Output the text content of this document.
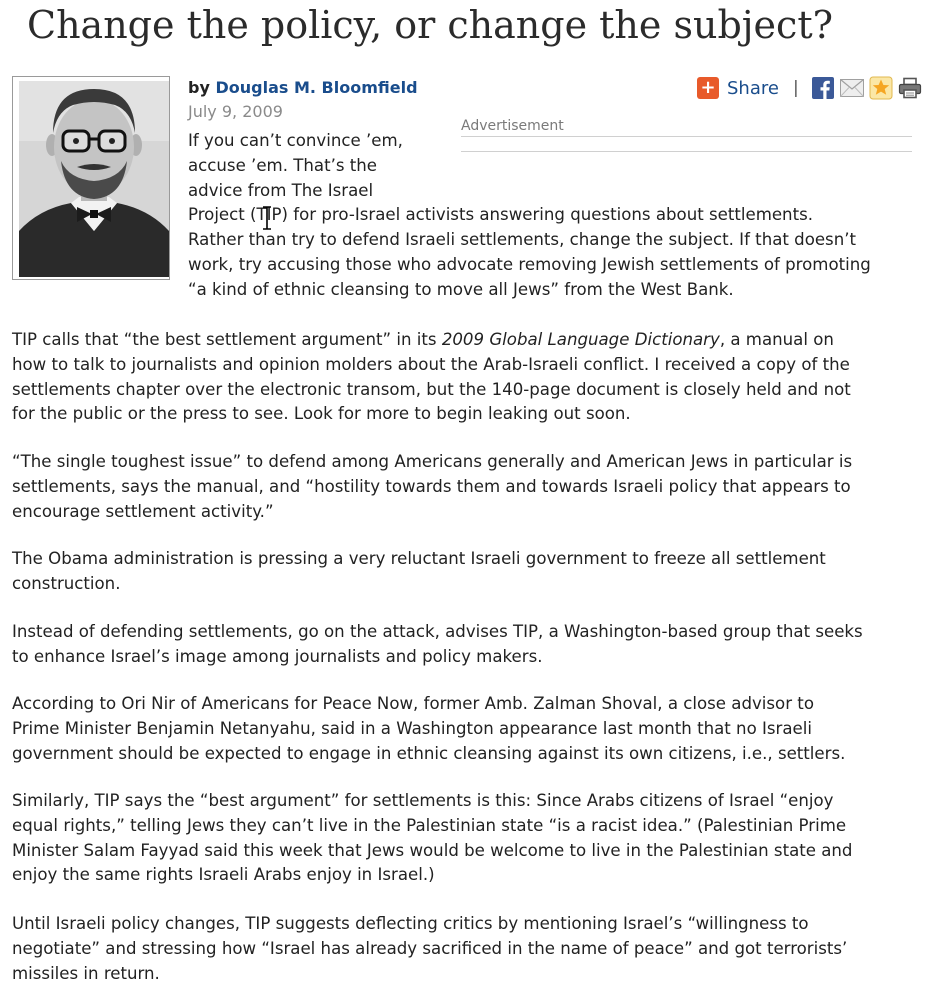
Change the policy, or change the subject?
by Douglas M. Bloomfield
July 9, 2009
+ Share |
Advertisement
If you can’t convince ’em,
accuse ’em. That’s the
advice from The Israel
Project (TIP) for pro-Israel activists answering questions about settlements.
Rather than try to defend Israeli settlements, change the subject. If that doesn’t
work, try accusing those who advocate removing Jewish settlements of promoting
“a kind of ethnic cleansing to move all Jews” from the West Bank.
TIP calls that “the best settlement argument” in its 2009 Global Language Dictionary, a manual on
how to talk to journalists and opinion molders about the Arab-Israeli conflict. I received a copy of the
settlements chapter over the electronic transom, but the 140-page document is closely held and not
for the public or the press to see. Look for more to begin leaking out soon.
“The single toughest issue” to defend among Americans generally and American Jews in particular is
settlements, says the manual, and “hostility towards them and towards Israeli policy that appears to
encourage settlement activity.”
The Obama administration is pressing a very reluctant Israeli government to freeze all settlement
construction.
Instead of defending settlements, go on the attack, advises TIP, a Washington-based group that seeks
to enhance Israel’s image among journalists and policy makers.
According to Ori Nir of Americans for Peace Now, former Amb. Zalman Shoval, a close advisor to
Prime Minister Benjamin Netanyahu, said in a Washington appearance last month that no Israeli
government should be expected to engage in ethnic cleansing against its own citizens, i.e., settlers.
Similarly, TIP says the “best argument” for settlements is this: Since Arabs citizens of Israel “enjoy
equal rights,” telling Jews they can’t live in the Palestinian state “is a racist idea.” (Palestinian Prime
Minister Salam Fayyad said this week that Jews would be welcome to live in the Palestinian state and
enjoy the same rights Israeli Arabs enjoy in Israel.)
Until Israeli policy changes, TIP suggests deflecting critics by mentioning Israel’s “willingness to
negotiate” and stressing how “Israel has already sacrificed in the name of peace” and got terrorists’
missiles in return.
